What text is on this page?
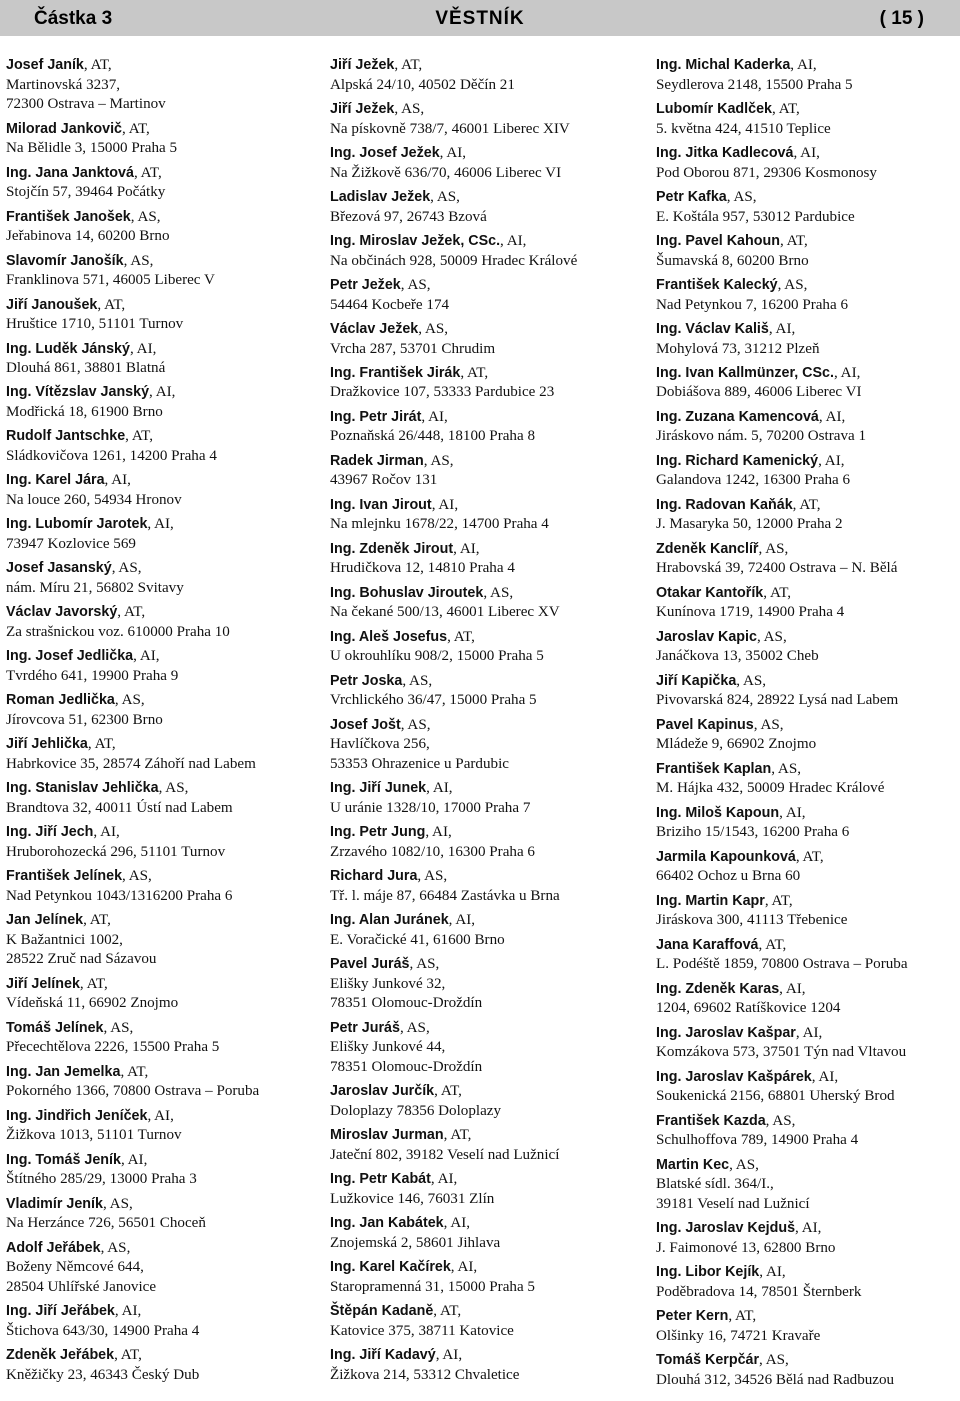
VĚSTNÍK
Částka 3	( 15 )
Josef Janík, AT,
Martinovská 3237,
72300 Ostrava – Martinov
Milorad Jankovič, AT,
Na Bělidle 3, 15000 Praha 5
Ing. Jana Janktová, AT,
Stojčín 57, 39464 Počátky
František Janošek, AS,
Jeřabinova 14, 60200 Brno
Slavomír Janošík, AS,
Franklinova 571, 46005 Liberec V
Jiří Janoušek, AT,
Hruštice 1710, 51101 Turnov
Ing. Luděk Jánský, AI,
Dlouhá 861, 38801 Blatná
Ing. Vítězslav Janský, AI,
Modřická 18, 61900 Brno
Rudolf Jantschke, AT,
Sládkovičova 1261, 14200 Praha 4
Ing. Karel Jára, AI,
Na louce 260, 54934 Hronov
Ing. Lubomír Jarotek, AI,
73947 Kozlovice 569
Josef Jasanský, AS,
nám. Míru 21, 56802 Svitavy
Václav Javorský, AT,
Za strašnickou voz. 610000 Praha 10
Ing. Josef Jedlička, AI,
Tvrdého 641, 19900 Praha 9
Roman Jedlička, AS,
Jírovcova 51, 62300 Brno
Jiří Jehlička, AT,
Habrkovice 35, 28574 Záhoří nad Labem
Ing. Stanislav Jehlička, AS,
Brandtova 32, 40011 Ústí nad Labem
Ing. Jiří Jech, AI,
Hruborohozecká 296, 51101 Turnov
František Jelínek, AS,
Nad Petynkou 1043/1316200 Praha 6
Jan Jelínek, AT,
K Bažantnici 1002,
28522 Zruč nad Sázavou
Jiří Jelínek, AT,
Vídeňská 11, 66902 Znojmo
Tomáš Jelínek, AS,
Přecechtělova 2226, 15500 Praha 5
Ing. Jan Jemelka, AT,
Pokorného 1366, 70800 Ostrava – Poruba
Ing. Jindřich Jeníček, AI,
Žižkova 1013, 51101 Turnov
Ing. Tomáš Jeník, AI,
Štítného 285/29, 13000 Praha 3
Vladimír Jeník, AS,
Na Herzánce 726, 56501 Choceň
Adolf Jeřábek, AS,
Boženy Němcové 644,
28504 Uhlířské Janovice
Ing. Jiří Jeřábek, AI,
Štichova 643/30, 14900 Praha 4
Zdeněk Jeřábek, AT,
Kněžičky 23, 46343 Český Dub
Jiří Ježek, AT,
Alpská 24/10, 40502 Děčín 21
Jiří Ježek, AS,
Na pískovně 738/7, 46001 Liberec XIV
Ing. Josef Ježek, AI,
Na Žižkově 636/70, 46006 Liberec VI
Ladislav Ježek, AS,
Březová 97, 26743 Bzová
Ing. Miroslav Ježek, CSc., AI,
Na občinách 928, 50009 Hradec Králové
Petr Ježek, AS,
54464 Kocbeře 174
Václav Ježek, AS,
Vrcha 287, 53701 Chrudim
Ing. František Jirák, AT,
Dražkovice 107, 53333 Pardubice 23
Ing. Petr Jirát, AI,
Poznaňská 26/448, 18100 Praha 8
Radek Jirman, AS,
43967 Ročov 131
Ing. Ivan Jirout, AI,
Na mlejnku 1678/22, 14700 Praha 4
Ing. Zdeněk Jirout, AI,
Hrudičkova 12, 14810 Praha 4
Ing. Bohuslav Jiroutek, AS,
Na čekané 500/13, 46001 Liberec XV
Ing. Aleš Josefus, AT,
U okrouhlíku 908/2, 15000 Praha 5
Petr Joska, AS,
Vrchlického 36/47, 15000 Praha 5
Josef Jošt, AS,
Havlíčkova 256,
53353 Ohrazenice u Pardubic
Ing. Jiří Junek, AI,
U uránie 1328/10, 17000 Praha 7
Ing. Petr Jung, AI,
Zrzavého 1082/10, 16300 Praha 6
Richard Jura, AS,
Tř. l. máje 87, 66484 Zastávka u Brna
Ing. Alan Juránek, AI,
E. Voračické 41, 61600 Brno
Pavel Juráš, AS,
Elišky Junkové 32,
78351 Olomouc-Droždín
Petr Juráš, AS,
Elišky Junkové 44,
78351 Olomouc-Droždín
Jaroslav Jurčík, AT,
Doloplazy 78356 Doloplazy
Miroslav Jurman, AT,
Jateční 802, 39182 Veselí nad Lužnicí
Ing. Petr Kabát, AI,
Lužkovice 146, 76031 Zlín
Ing. Jan Kabátek, AI,
Znojemská 2, 58601 Jihlava
Ing. Karel Kačírek, AI,
Staropramenná 31, 15000 Praha 5
Štěpán Kadaně, AT,
Katovice 375, 38711 Katovice
Ing. Jiří Kadavý, AI,
Žižkova 214, 53312 Chvaletice
Ing. Michal Kaderka, AI,
Seydlerova 2148, 15500 Praha 5
Lubomír Kadlček, AT,
5. května 424, 41510 Teplice
Ing. Jitka Kadlecová, AI,
Pod Oborou 871, 29306 Kosmonosy
Petr Kafka, AS,
E. Koštála 957, 53012 Pardubice
Ing. Pavel Kahoun, AT,
Šumavská 8, 60200 Brno
František Kalecký, AS,
Nad Petynkou 7, 16200 Praha 6
Ing. Václav Kališ, AI,
Mohylová 73, 31212 Plzeň
Ing. Ivan Kallmünzer, CSc., AI,
Dobiášova 889, 46006 Liberec VI
Ing. Zuzana Kamencová, AI,
Jiráskovo nám. 5, 70200 Ostrava 1
Ing. Richard Kamenický, AI,
Galandova 1242, 16300 Praha 6
Ing. Radovan Kaňák, AT,
J. Masaryka 50, 12000 Praha 2
Zdeněk Kanclíř, AS,
Hrabovská 39, 72400 Ostrava – N. Bělá
Otakar Kantořík, AT,
Kunínova 1719, 14900 Praha 4
Jaroslav Kapic, AS,
Janáčkova 13, 35002 Cheb
Jiří Kapička, AS,
Pivovarská 824, 28922 Lysá nad Labem
Pavel Kapinus, AS,
Mládeže 9, 66902 Znojmo
František Kaplan, AS,
M. Hájka 432, 50009 Hradec Králové
Ing. Miloš Kapoun, AI,
Briziho 15/1543, 16200 Praha 6
Jarmila Kapounková, AT,
66402 Ochoz u Brna 60
Ing. Martin Kapr, AT,
Jiráskova 300, 41113 Třebenice
Jana Karaffová, AT,
L. Podéště 1859, 70800 Ostrava – Poruba
Ing. Zdeněk Karas, AI,
1204, 69602 Ratíškovice 1204
Ing. Jaroslav Kašpar, AI,
Komzákova 573, 37501 Týn nad Vltavou
Ing. Jaroslav Kašpárek, AI,
Soukenická 2156, 68801 Uherský Brod
František Kazda, AS,
Schulhoffova 789, 14900 Praha 4
Martin Kec, AS,
Blatské sídl. 364/I.,
39181 Veselí nad Lužnicí
Ing. Jaroslav Kejduš, AI,
J. Faimonové 13, 62800 Brno
Ing. Libor Kejík, AI,
Poděbradova 14, 78501 Šternberk
Peter Kern, AT,
Olšinky 16, 74721 Kravaře
Tomáš Kerpčár, AS,
Dlouhá 312, 34526 Bělá nad Radbuzou
